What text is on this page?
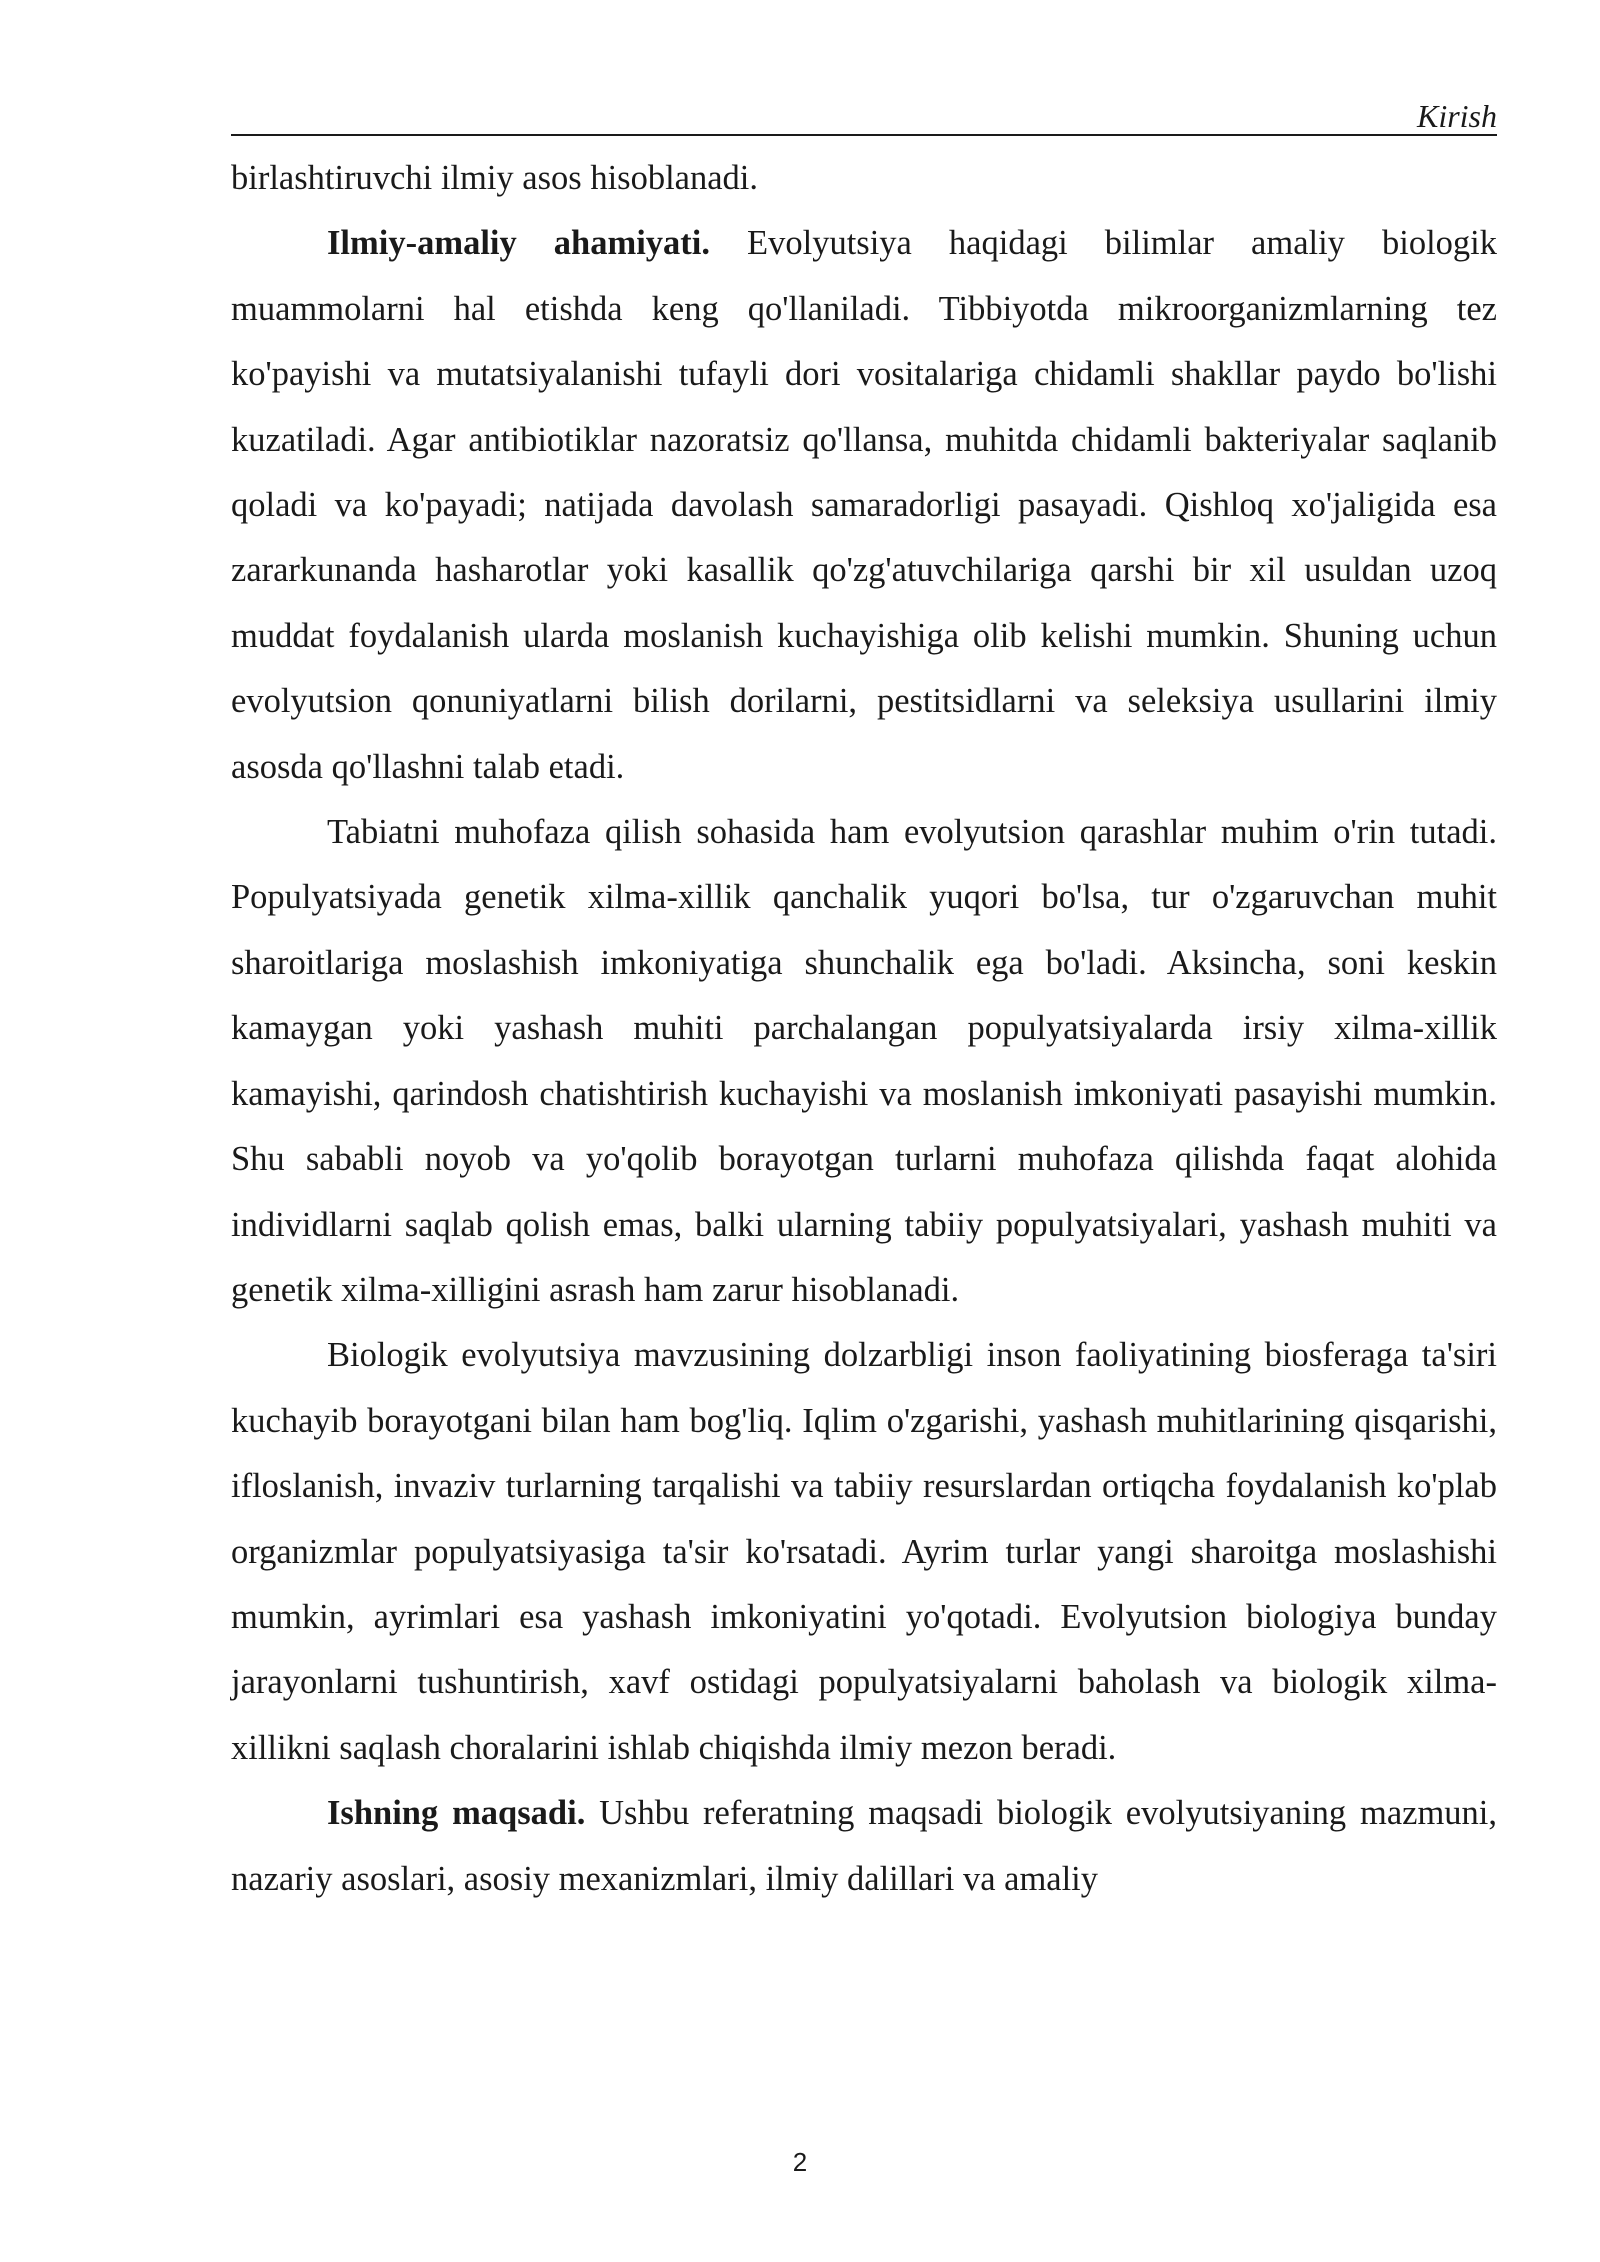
Kirish

birlashtiruvchi ilmiy asos hisoblanadi.

Ilmiy-amaliy ahamiyati. Evolyutsiya haqidagi bilimlar amaliy biologik muammolarni hal etishda keng qo'llaniladi. Tibbiyotda mikroorganizmlarning tez ko'payishi va mutatsiyalanishi tufayli dori vositalariga chidamli shakllar paydo bo'lishi kuzatiladi. Agar antibiotiklar nazoratsiz qo'llansa, muhitda chidamli bakteriyalar saqlanib qoladi va ko'payadi; natijada davolash samaradorligi pasayadi. Qishloq xo'jaligida esa zararkunanda hasharotlar yoki kasallik qo'zg'atuvchilariga qarshi bir xil usuldan uzoq muddat foydalanish ularda moslanish kuchayishiga olib kelishi mumkin. Shuning uchun evolyutsion qonuniyatlarni bilish dorilarni, pestitsidlarni va seleksiya usullarini ilmiy asosda qo'llashni talab etadi.

Tabiatni muhofaza qilish sohasida ham evolyutsion qarashlar muhim o'rin tutadi. Populyatsiyada genetik xilma-xillik qanchalik yuqori bo'lsa, tur o'zgaruvchan muhit sharoitlariga moslashish imkoniyatiga shunchalik ega bo'ladi. Aksincha, soni keskin kamaygan yoki yashash muhiti parchalangan populyatsiyalarda irsiy xilma-xillik kamayishi, qarindosh chatishtirish kuchayishi va moslanish imkoniyati pasayishi mumkin. Shu sababli noyob va yo'qolib borayotgan turlarni muhofaza qilishda faqat alohida individlarni saqlab qolish emas, balki ularning tabiiy populyatsiyalari, yashash muhiti va genetik xilma-xilligini asrash ham zarur hisoblanadi.

Biologik evolyutsiya mavzusining dolzarbligi inson faoliyatining biosferaga ta'siri kuchayib borayotgani bilan ham bog'liq. Iqlim o'zgarishi, yashash muhitlarining qisqarishi, ifloslanish, invaziv turlarning tarqalishi va tabiiy resurslardan ortiqcha foydalanish ko'plab organizmlar populyatsiyasiga ta'sir ko'rsatadi. Ayrim turlar yangi sharoitga moslashishi mumkin, ayrimlari esa yashash imkoniyatini yo'qotadi. Evolyutsion biologiya bunday jarayonlarni tushuntirish, xavf ostidagi populyatsiyalarni baholash va biologik xilma-xillikni saqlash choralarini ishlab chiqishda ilmiy mezon beradi.

Ishning maqsadi. Ushbu referatning maqsadi biologik evolyutsiyaning mazmuni, nazariy asoslari, asosiy mexanizmlari, ilmiy dalillari va amaliy

2
